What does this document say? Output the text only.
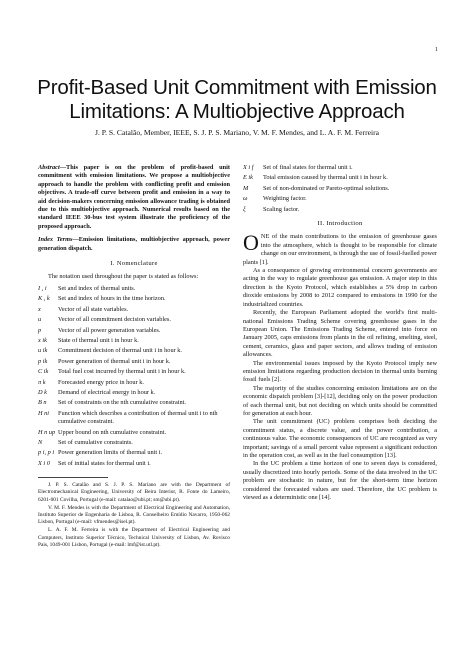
1
Profit-Based Unit Commitment with Emission
Limitations: A Multiobjective Approach
J. P. S. Catalão, Member, IEEE, S. J. P. S. Mariano, V. M. F. Mendes, and L. A. F. M. Ferreira

Abstract—This paper is on the problem of profit-based unit commitment with emission limitations. We propose a multiobjective approach to handle the problem with conflicting profit and emission objectives. A trade-off curve between profit and emission in a way to aid decision-makers concerning emission allowance trading is obtained due to this multiobjective approach. Numerical results based on the standard IEEE 30-bus test system illustrate the proficiency of the proposed approach.

Index Terms—Emission limitations, multiobjective approach, power generation dispatch.

I. Nomenclature

The notation used throughout the paper is stated as follows:

I , i	Set and index of thermal units.
K , k	Set and index of hours in the time horizon.
x	Vector of all state variables.
u	Vector of all commitment decision variables.
p	Vector of all power generation variables.
x ik	State of thermal unit i in hour k.
u ik	Commitment decision of thermal unit i in hour k.
p ik	Power generation of thermal unit i in hour k.
C ik	Total fuel cost incurred by thermal unit i in hour k.
π k	Forecasted energy price in hour k.
D k	Demand of electrical energy in hour k.
B n	Set of constraints on the nth cumulative constraint.
H ni	Function which describes a contribution of thermal unit i to nth cumulative constraint.
H n up Upper bound on nth cumulative constraint.
N	Set of cumulative constraints.
p i, p i Power generation limits of thermal unit i.
X i 0	Set of initial states for thermal unit i.

J. P. S. Catalão and S. J. P. S. Mariano are with the Department of Electromechanical Engineering, University of Beira Interior, R. Fonte do Lameiro, 6201-001 Covilha, Portugal (e-mail: catalao@ubi.pt; sm@ubi.pt).

V. M. F. Mendes is with the Department of Electrical Engineering and Automation, Instituto Superior de Engenharia de Lisboa, R. Conselheiro Emídio Navarro, 1950-062 Lisbon, Portugal (e-mail: vfmendes@isel.pt).

L. A. F. M. Ferreira is with the Department of Electrical Engineering and Computers, Instituto Superior Técnico, Technical University of Lisbon, Av. Rovisco Pais, 1049-001 Lisbon, Portugal (e-mail: lmf@ist.utl.pt).

X i f	Set of final states for thermal unit i.
E ik	Total emission caused by thermal unit i in hour k.
M	Set of non-dominated or Pareto-optimal solutions.
ω	Weighting factor.
ξ	Scaling factor.
II. Introduction

ONE of the main contributions to the emission of greenhouse gases into the atmosphere, which is thought to be responsible for climate change on our environment, is through the use of fossil-fuelled power plants [1].

As a consequence of growing environmental concern governments are acting in the way to regulate greenhouse gas emission. A major step in this direction is the Kyoto Protocol, which establishes a 5% drop in carbon dioxide emissions by 2008 to 2012 compared to emissions in 1990 for the industrialized countries.

Recently, the European Parliament adopted the world's first multi-national Emissions Trading Scheme covering greenhouse gases in the European Union. The Emissions Trading Scheme, entered into force on January 2005, caps emissions from plants in the oil refining, smelting, steel, cement, ceramics, glass and paper sectors, and allows trading of emission allowances.

The environmental issues imposed by the Kyoto Protocol imply new emission limitations regarding production decision in thermal units burning fossil fuels [2].

The majority of the studies concerning emission limitations are on the economic dispatch problem [3]-[12], deciding only on the power production of each thermal unit, but not deciding on which units should be committed for generation at each hour.

The unit commitment (UC) problem comprises both deciding the commitment status, a discrete value, and the power contribution, a continuous value. The economic consequences of UC are recognized as very important; savings of a small percent value represent a significant reduction in the operation cost, as well as in the fuel consumption [13].

In the UC problem a time horizon of one to seven days is considered, usually discretized into hourly periods. Some of the data involved in the UC problem are stochastic in nature, but for the short-term time horizon considered the forecasted values are used. Therefore, the UC problem is viewed as a deterministic one [14].
